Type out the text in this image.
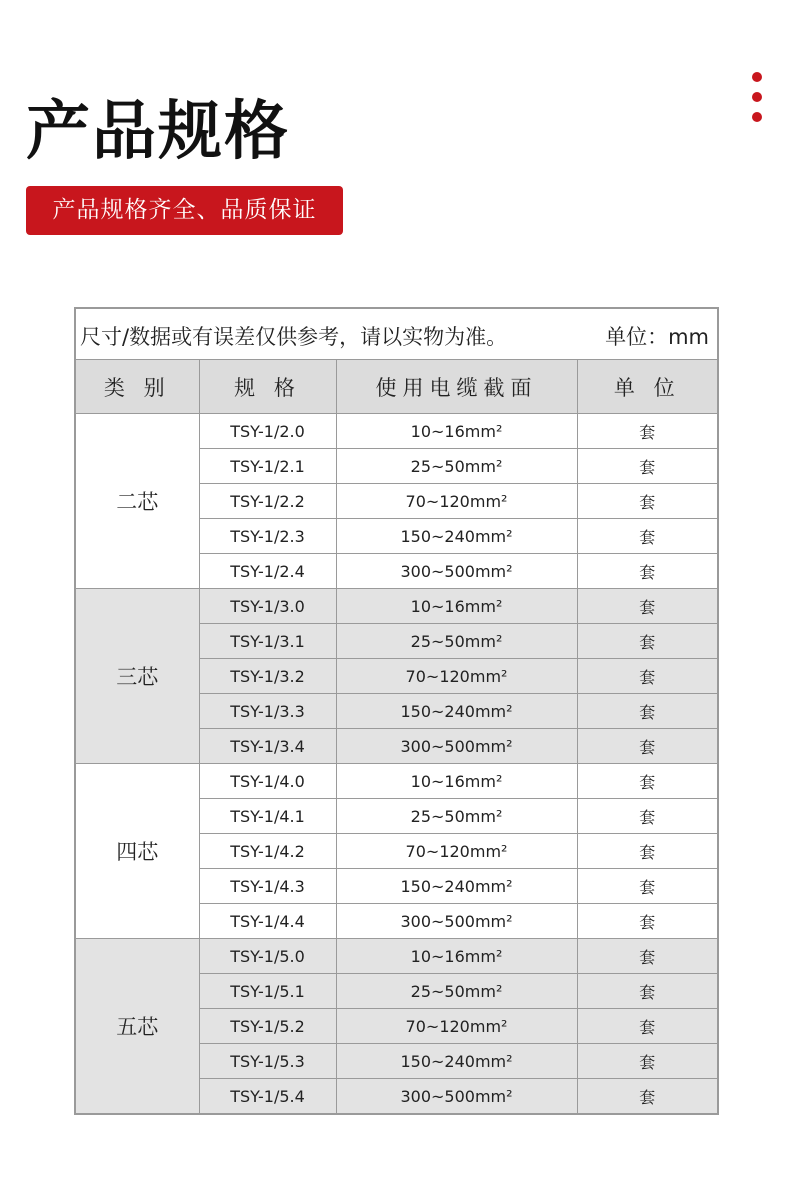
产品规格
产品规格齐全、品质保证
尺寸/数据或有误差仅供参考，请以实物为准。 单位：mm			

类 别	规 格	使用电缆截面	单 位
二芯	TSY-1/2.0	10~16mm²	套
	TSY-1/2.1	25~50mm²	套
	TSY-1/2.2	70~120mm²	套
	TSY-1/2.3	150~240mm²	套
	TSY-1/2.4	300~500mm²	套
三芯	TSY-1/3.0	10~16mm²	套
	TSY-1/3.1	25~50mm²	套
	TSY-1/3.2	70~120mm²	套
	TSY-1/3.3	150~240mm²	套
	TSY-1/3.4	300~500mm²	套
四芯	TSY-1/4.0	10~16mm²	套
	TSY-1/4.1	25~50mm²	套
	TSY-1/4.2	70~120mm²	套
	TSY-1/4.3	150~240mm²	套
	TSY-1/4.4	300~500mm²	套
五芯	TSY-1/5.0	10~16mm²	套
	TSY-1/5.1	25~50mm²	套
	TSY-1/5.2	70~120mm²	套
	TSY-1/5.3	150~240mm²	套
	TSY-1/5.4	300~500mm²	套
